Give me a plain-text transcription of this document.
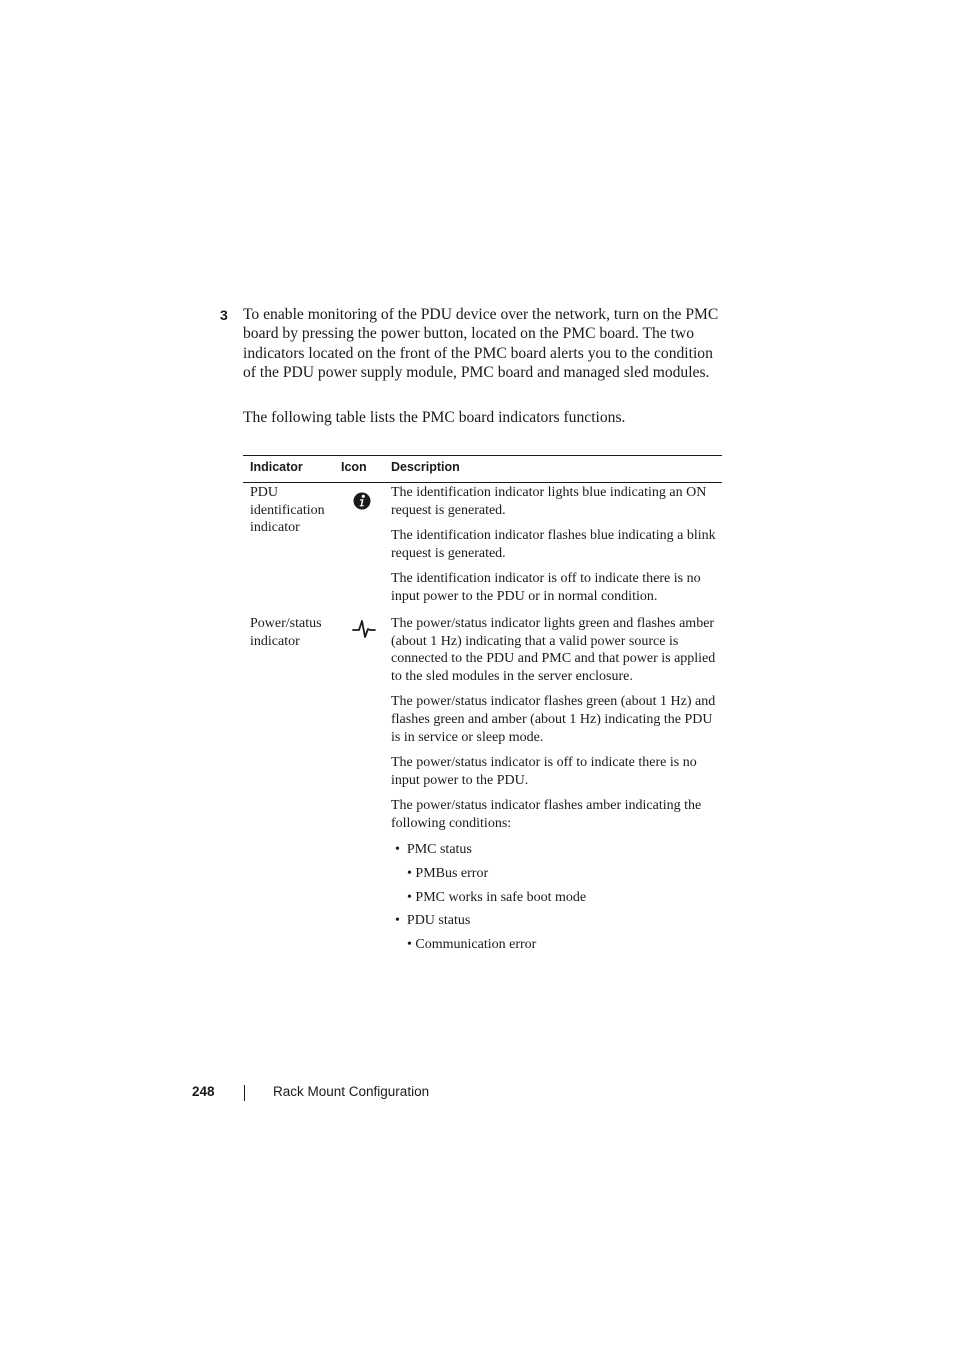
3 To enable monitoring of the PDU device over the network, turn on the PMC board by pressing the power button, located on the PMC board. The two indicators located on the front of the PMC board alerts you to the condition of the PDU power supply module, PMC board and managed sled modules.
The following table lists the PMC board indicators functions.
Indicator	Icon Description
PDU identification indicator

The identification indicator lights blue indicating an ON request is generated.

The identification indicator flashes blue indicating a blink request is generated.

The identification indicator is off to indicate there is no input power to the PDU or in normal condition.

Power/status indicator

The power/status indicator lights green and flashes amber (about 1 Hz) indicating that a valid power source is connected to the PDU and PMC and that power is applied to the sled modules in the server enclosure.

The power/status indicator flashes green (about 1 Hz) and flashes green and amber (about 1 Hz) indicating the PDU is in service or sleep mode.

The power/status indicator is off to indicate there is no input power to the PDU.

The power/status indicator flashes amber indicating the following conditions:

•  PMC status
• PMBus error
• PMC works in safe boot mode
•  PDU status
• Communication error
248	Rack Mount Configuration
